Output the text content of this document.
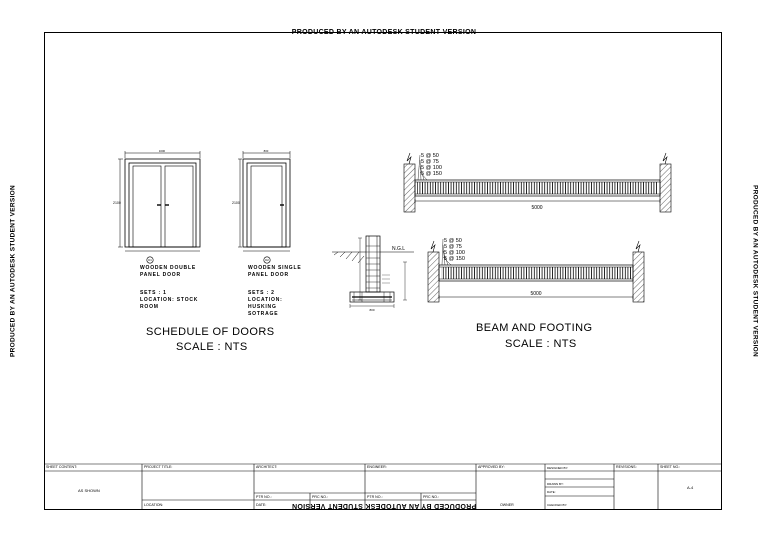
PRODUCED BY AN AUTODESK STUDENT VERSION
PRODUCED BY AN AUTODESK STUDENT VERSION
PRODUCED BY AN AUTODESK STUDENT VERSION	PRODUCED BY AN AUTODESK STUDENT VERSION
1600
2100
D1
800
2100
D2
5 @ 50
5 @ 75
5 @ 100
5 @ 150
5000
5 @ 50
5 @ 75
5 @ 100
5 @ 150
5000
N.G.L
800
WOODEN DOUBLE
PANEL DOOR
SETS : 1
LOCATION: STOCK
ROOM
WOODEN SINGLE
PANEL DOOR
SETS : 2
LOCATION:
HUSKING
SOTRAGE
SCHEDULE OF DOORS
SCALE : NTS
BEAM AND FOOTING
SCALE : NTS
SHEET CONTENT:
AS SHOWN
PROJECT TITLE:
LOCATION:
ARCHITECT:
PTR NO.:	PRC NO.:
DATE:
ENGINEER:
PTR NO.:	PRC NO.:
APPROVED BY:
OWNER
DESIGNED BY:
DRAWN BY:
DATE:
CHECKED BY:
REVISIONS:	SHEET NO.:
A-4
